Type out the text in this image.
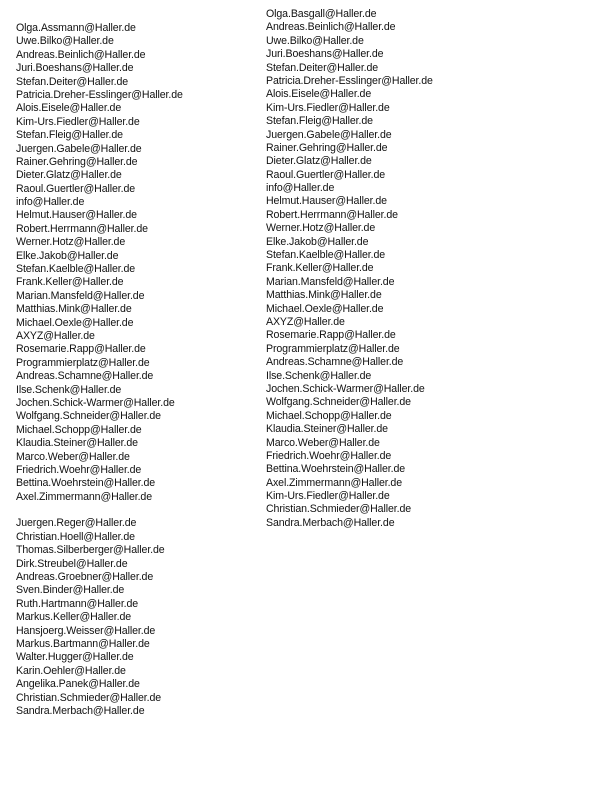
Olga.Assmann@Haller.de
Uwe.Bilko@Haller.de
Andreas.Beinlich@Haller.de
Juri.Boeshans@Haller.de
Stefan.Deiter@Haller.de
Patricia.Dreher-Esslinger@Haller.de
Alois.Eisele@Haller.de
Kim-Urs.Fiedler@Haller.de
Stefan.Fleig@Haller.de
Juergen.Gabele@Haller.de
Rainer.Gehring@Haller.de
Dieter.Glatz@Haller.de
Raoul.Guertler@Haller.de
info@Haller.de
Helmut.Hauser@Haller.de
Robert.Herrmann@Haller.de
Werner.Hotz@Haller.de
Elke.Jakob@Haller.de
Stefan.Kaelble@Haller.de
Frank.Keller@Haller.de
Marian.Mansfeld@Haller.de
Matthias.Mink@Haller.de
Michael.Oexle@Haller.de
AXYZ@Haller.de
Rosemarie.Rapp@Haller.de
Programmierplatz@Haller.de
Andreas.Schamne@Haller.de
Ilse.Schenk@Haller.de
Jochen.Schick-Warmer@Haller.de
Wolfgang.Schneider@Haller.de
Michael.Schopp@Haller.de
Klaudia.Steiner@Haller.de
Marco.Weber@Haller.de
Friedrich.Woehr@Haller.de
Bettina.Woehrstein@Haller.de
Axel.Zimmermann@Haller.de
Juergen.Reger@Haller.de
Christian.Hoell@Haller.de
Thomas.Silberberger@Haller.de
Dirk.Streubel@Haller.de
Andreas.Groebner@Haller.de
Sven.Binder@Haller.de
Ruth.Hartmann@Haller.de
Markus.Keller@Haller.de
Hansjoerg.Weisser@Haller.de
Markus.Bartmann@Haller.de
Walter.Hugger@Haller.de
Karin.Oehler@Haller.de
Angelika.Panek@Haller.de
Christian.Schmieder@Haller.de
Sandra.Merbach@Haller.de
Olga.Basgall@Haller.de
Andreas.Beinlich@Haller.de
Uwe.Bilko@Haller.de
Juri.Boeshans@Haller.de
Stefan.Deiter@Haller.de
Patricia.Dreher-Esslinger@Haller.de
Alois.Eisele@Haller.de
Kim-Urs.Fiedler@Haller.de
Stefan.Fleig@Haller.de
Juergen.Gabele@Haller.de
Rainer.Gehring@Haller.de
Dieter.Glatz@Haller.de
Raoul.Guertler@Haller.de
info@Haller.de
Helmut.Hauser@Haller.de
Robert.Herrmann@Haller.de
Werner.Hotz@Haller.de
Elke.Jakob@Haller.de
Stefan.Kaelble@Haller.de
Frank.Keller@Haller.de
Marian.Mansfeld@Haller.de
Matthias.Mink@Haller.de
Michael.Oexle@Haller.de
AXYZ@Haller.de
Rosemarie.Rapp@Haller.de
Programmierplatz@Haller.de
Andreas.Schamne@Haller.de
Ilse.Schenk@Haller.de
Jochen.Schick-Warmer@Haller.de
Wolfgang.Schneider@Haller.de
Michael.Schopp@Haller.de
Klaudia.Steiner@Haller.de
Marco.Weber@Haller.de
Friedrich.Woehr@Haller.de
Bettina.Woehrstein@Haller.de
Axel.Zimmermann@Haller.de
Kim-Urs.Fiedler@Haller.de
Christian.Schmieder@Haller.de
Sandra.Merbach@Haller.de
